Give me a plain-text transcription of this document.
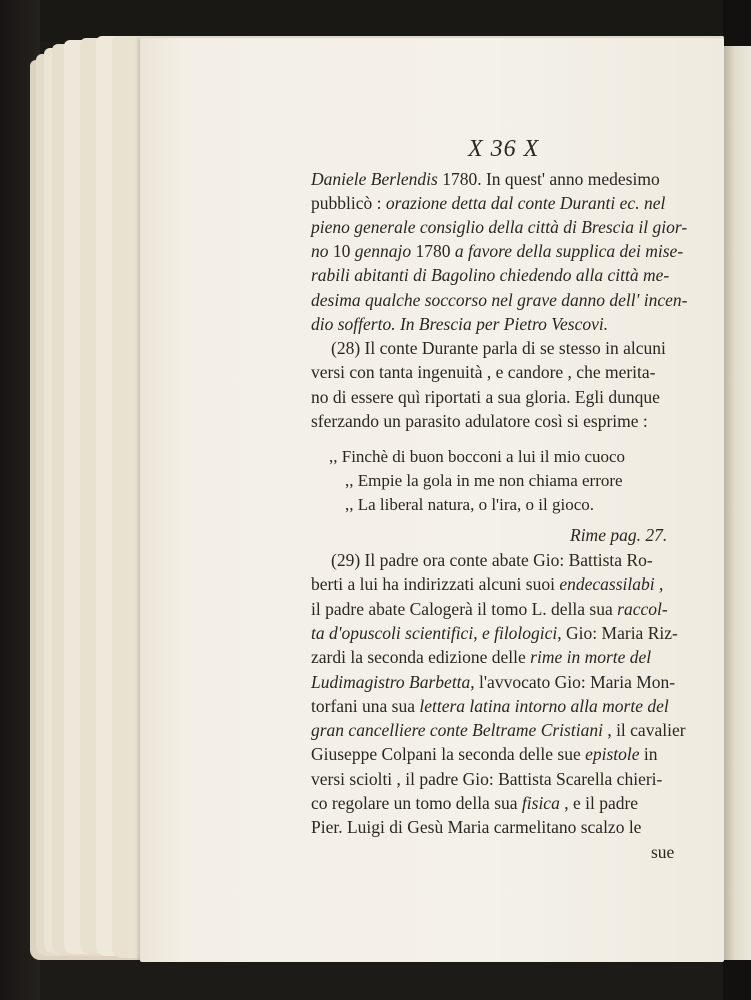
X 36 X
Daniele Berlendis 1780. In quest' anno medesimo
pubblicò : orazione detta dal conte Duranti ec. nel
pieno generale consiglio della città di Brescia il gior-
no 10 gennajo 1780 a favore della supplica dei mise-
rabili abitanti di Bagolino chiedendo alla città me-
desima qualche soccorso nel grave danno dell' incen-
dio sofferto. In Brescia per Pietro Vescovi.
(28) Il conte Durante parla di se stesso in alcuni
versi con tanta ingenuità , e candore , che merita-
no di essere quì riportati a sua gloria. Egli dunque
sferzando un parasito adulatore così si esprime :
,, Finchè di buon bocconi a lui il mio cuoco
,, Empie la gola in me non chiama errore
,, La liberal natura, o l'ira, o il gioco.
Rime pag. 27.
(29) Il padre ora conte abate Gio: Battista Ro-
berti a lui ha indirizzati alcuni suoi endecassilabi ,
il padre abate Calogerà il tomo L. della sua raccol-
ta d'opuscoli scientifici, e filologici, Gio: Maria Riz-
zardi la seconda edizione delle rime in morte del
Ludimagistro Barbetta, l'avvocato Gio: Maria Mon-
torfani una sua lettera latina intorno alla morte del
gran cancelliere conte Beltrame Cristiani , il cavalier
Giuseppe Colpani la seconda delle sue epistole in
versi sciolti , il padre Gio: Battista Scarella chieri-
co regolare un tomo della sua fisica , e il padre
Pier. Luigi di Gesù Maria carmelitano scalzo le
sue
